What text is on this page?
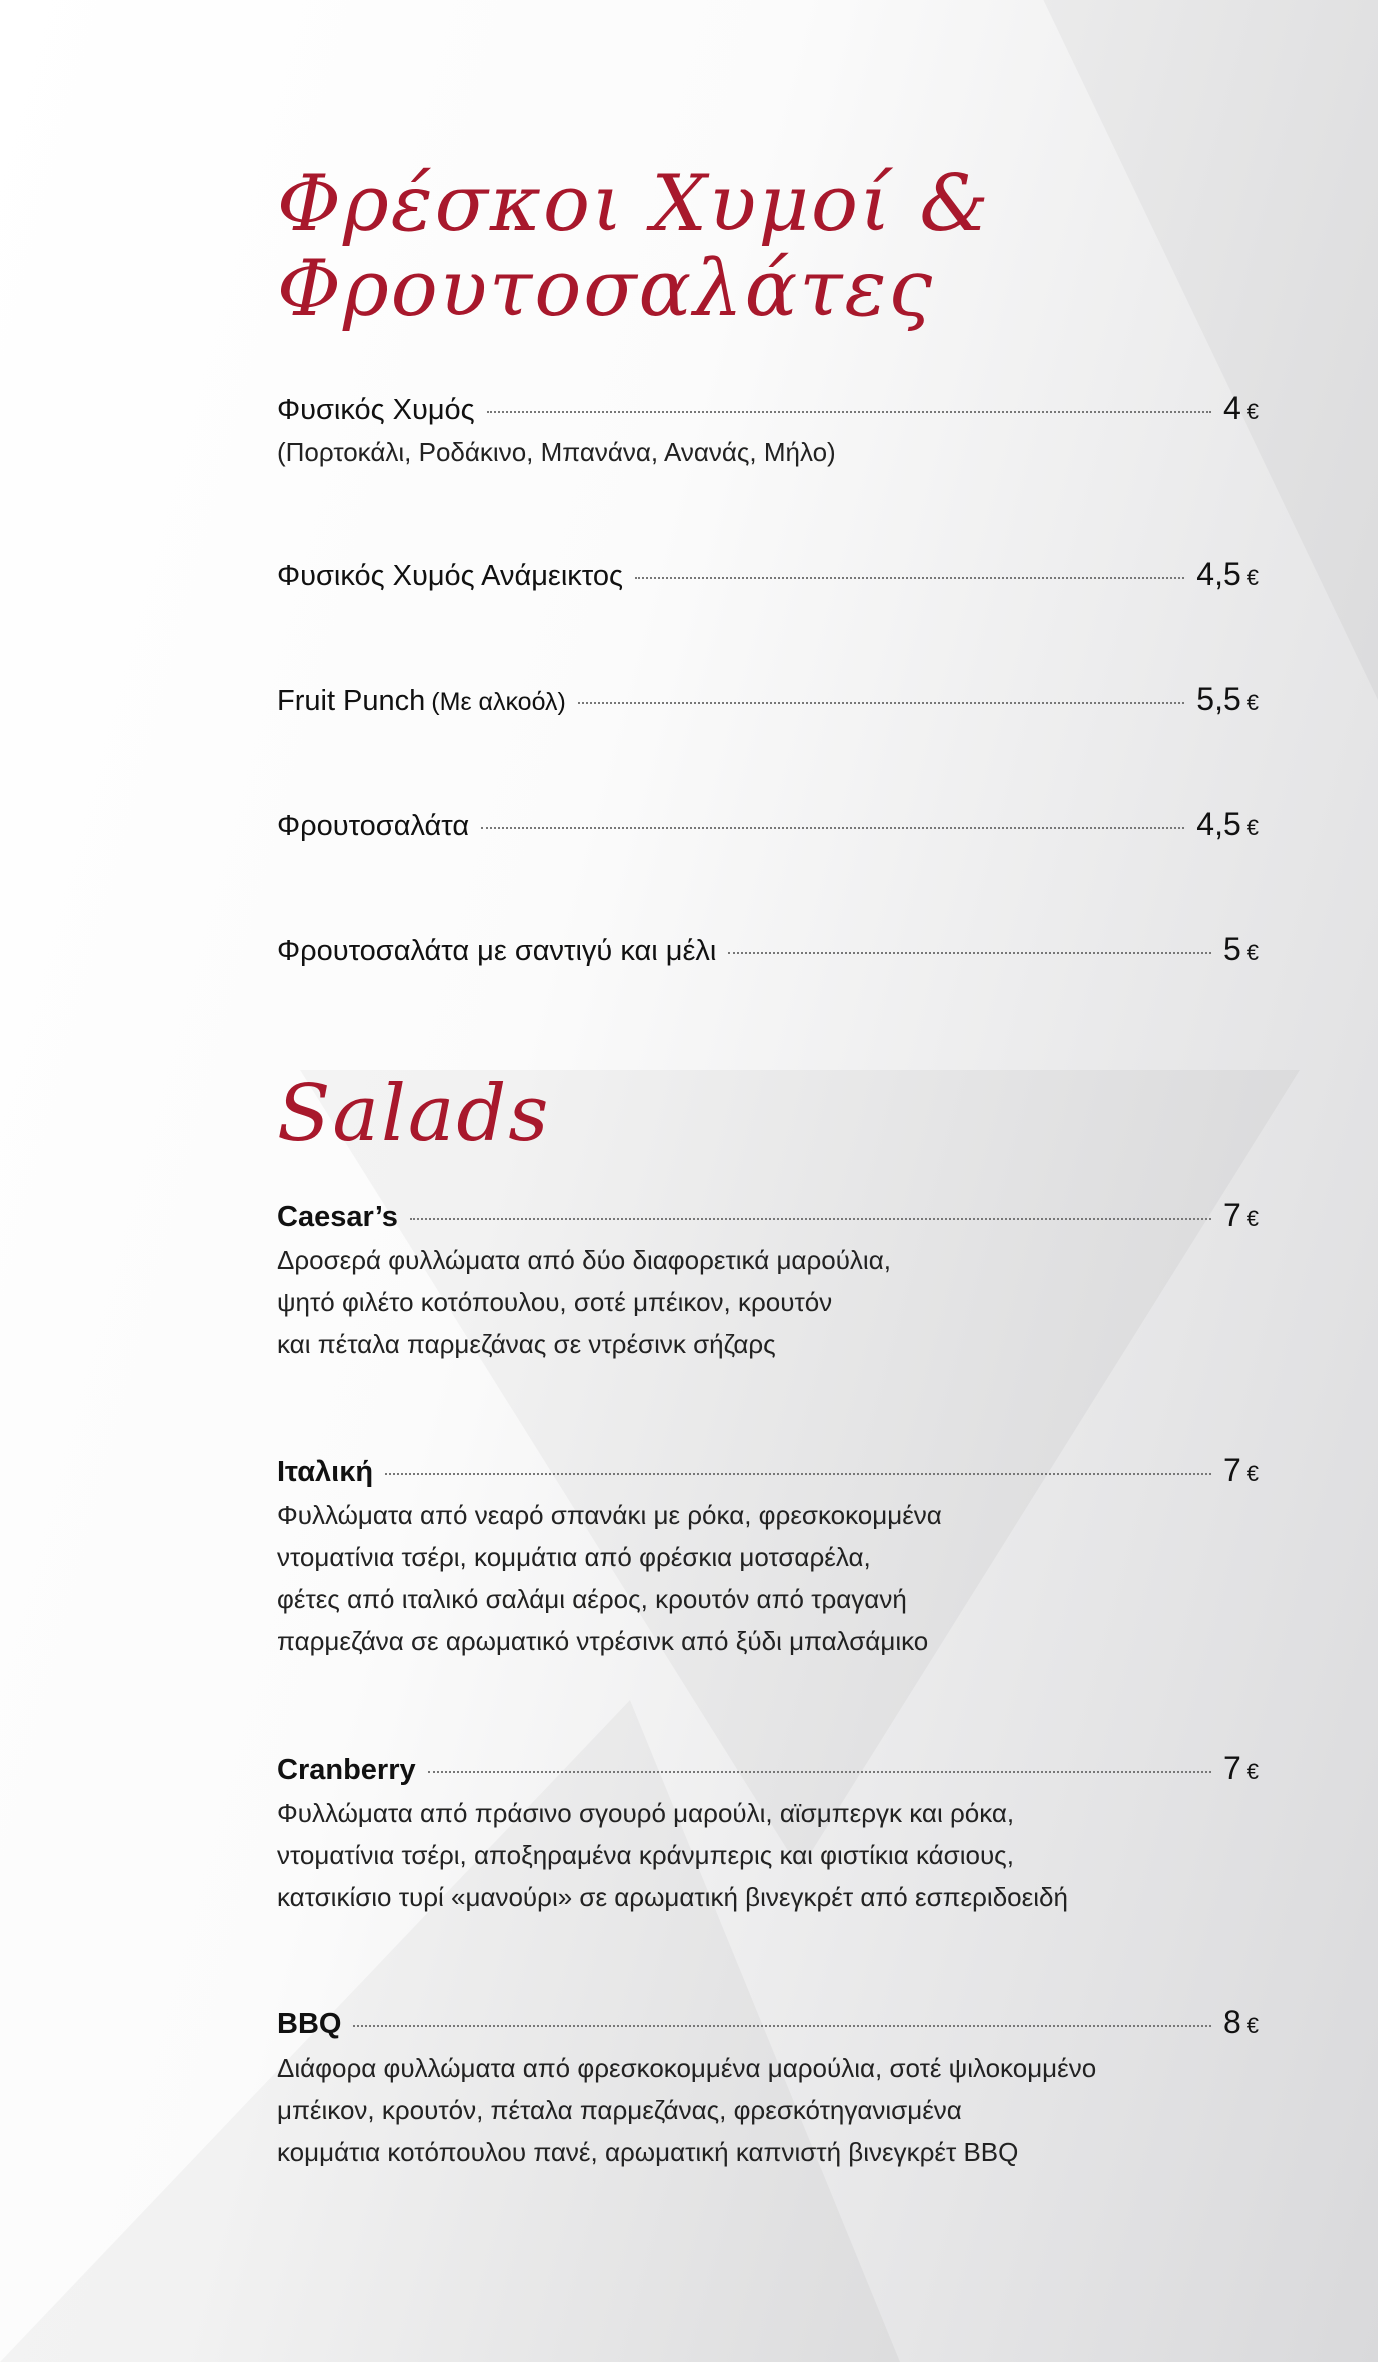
Φρέσκοι Χυμοί &
Φρουτοσαλάτες
Φυσικός Χυμός	4 €
(Πορτοκάλι, Ροδάκινο, Μπανάνα, Ανανάς, Μήλο)
Φυσικός Χυμός Ανάμεικτος	4,5 €
Fruit Punch (Με αλκοόλ)	5,5 €
Φρουτοσαλάτα	4,5 €
Φρουτοσαλάτα με σαντιγύ και μέλι	5 €
Salads
Caesar’s	7 €
Δροσερά φυλλώματα από δύο διαφορετικά μαρούλια,
ψητό φιλέτο κοτόπουλου, σοτέ μπέικον, κρουτόν
και πέταλα παρμεζάνας σε ντρέσινκ σήζαρς
Ιταλική	7 €
Φυλλώματα από νεαρό σπανάκι με ρόκα, φρεσκοκομμένα
ντοματίνια τσέρι, κομμάτια από φρέσκια μοτσαρέλα,
φέτες από ιταλικό σαλάμι αέρος, κρουτόν από τραγανή
παρμεζάνα σε αρωματικό ντρέσινκ από ξύδι μπαλσάμικο
Cranberry	7 €
Φυλλώματα από πράσινο σγουρό μαρούλι, αϊσμπεργκ και ρόκα,
ντοματίνια τσέρι, αποξηραμένα κράνμπερις και φιστίκια κάσιους,
κατσικίσιο τυρί «μανούρι» σε αρωματική βινεγκρέτ από εσπεριδοειδή
BBQ	8 €
Διάφορα φυλλώματα από φρεσκοκομμένα μαρούλια, σοτέ ψιλοκομμένο
μπέικον, κρουτόν, πέταλα παρμεζάνας, φρεσκότηγανισμένα
κομμάτια κοτόπουλου πανέ, αρωματική καπνιστή βινεγκρέτ BBQ
